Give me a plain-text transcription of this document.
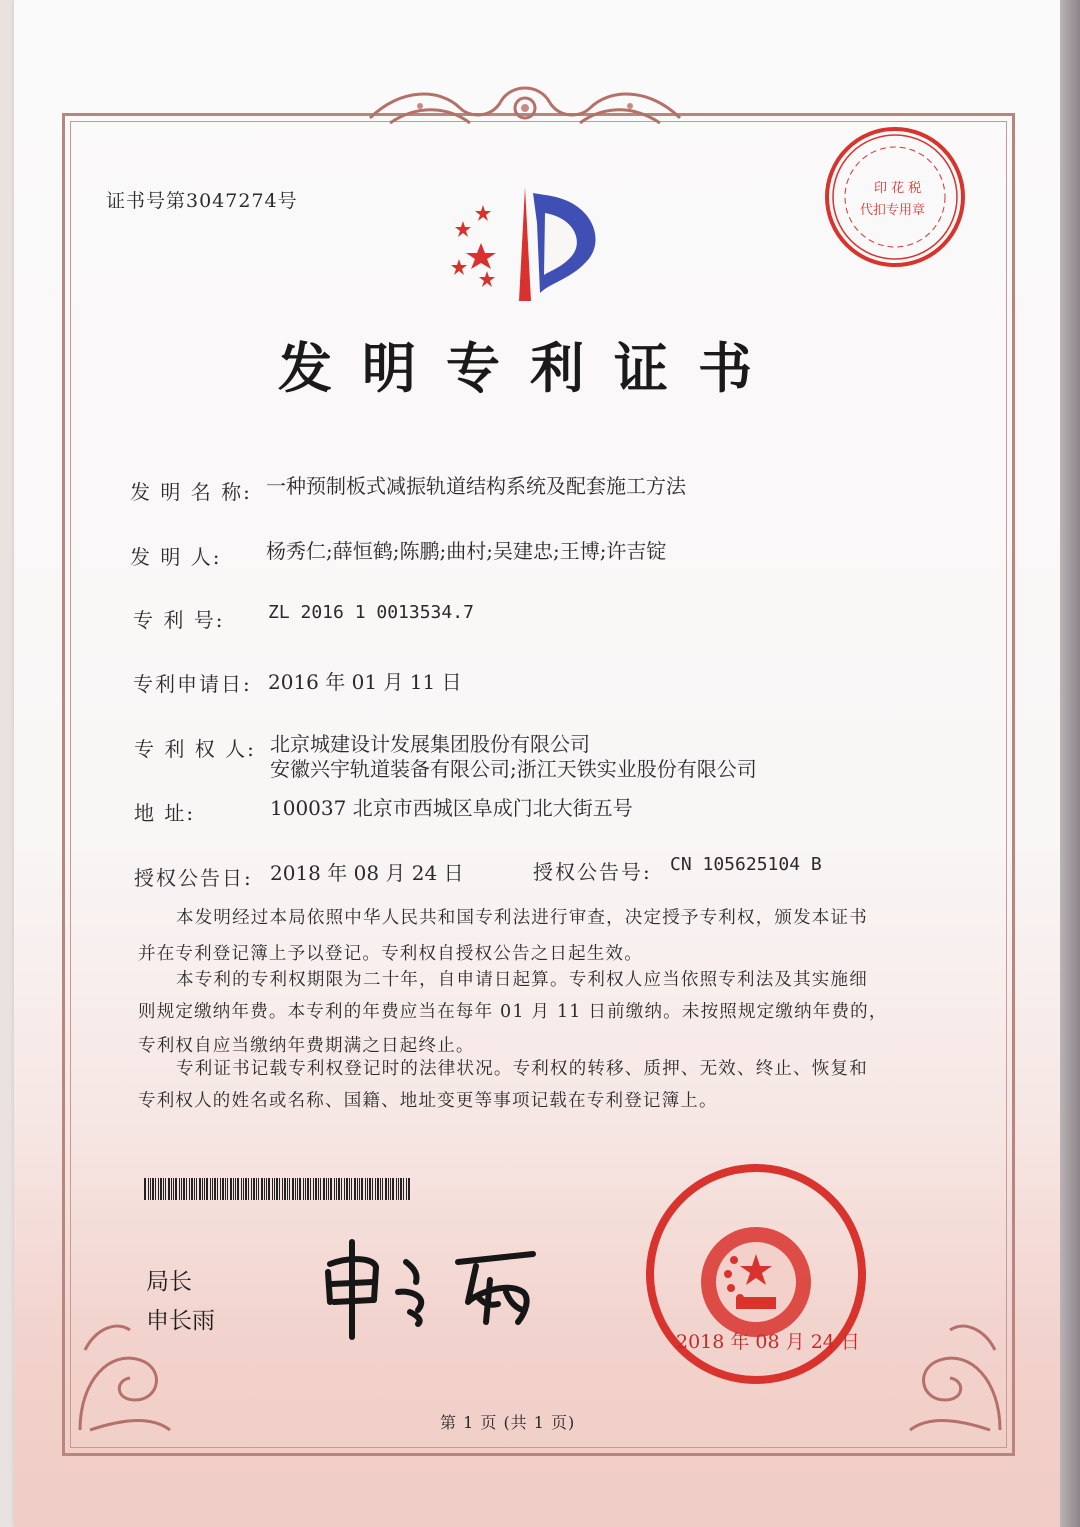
证书号第3047274号
印 花 税
代扣专用章
发明专利证书
发 明 名 称: 一种预制板式减振轨道结构系统及配套施工方法
发 明 人: 杨秀仁;薛恒鹤;陈鹏;曲村;吴建忠;王博;许吉锭
专 利 号: ZL 2016 1 0013534.7
专利申请日: 2016 年 01 月 11 日
专 利 权 人: 北京城建设计发展集团股份有限公司
安徽兴宇轨道装备有限公司;浙江天铁实业股份有限公司
地 址:	100037 北京市西城区阜成门北大街五号
授权公告日: 2018 年 08 月 24 日	授权公告号: CN 105625104 B
本发明经过本局依照中华人民共和国专利法进行审查，决定授予专利权，颁发本证书
并在专利登记簿上予以登记。专利权自授权公告之日起生效。
本专利的专利权期限为二十年，自申请日起算。专利权人应当依照专利法及其实施细
则规定缴纳年费。本专利的年费应当在每年 01 月 11 日前缴纳。未按照规定缴纳年费的，
专利权自应当缴纳年费期满之日起终止。
专利证书记载专利权登记时的法律状况。专利权的转移、质押、无效、终止、恢复和
专利权人的姓名或名称、国籍、地址变更等事项记载在专利登记簿上。
局长
申长雨
2018 年 08 月 24 日
第 1 页 (共 1 页)
